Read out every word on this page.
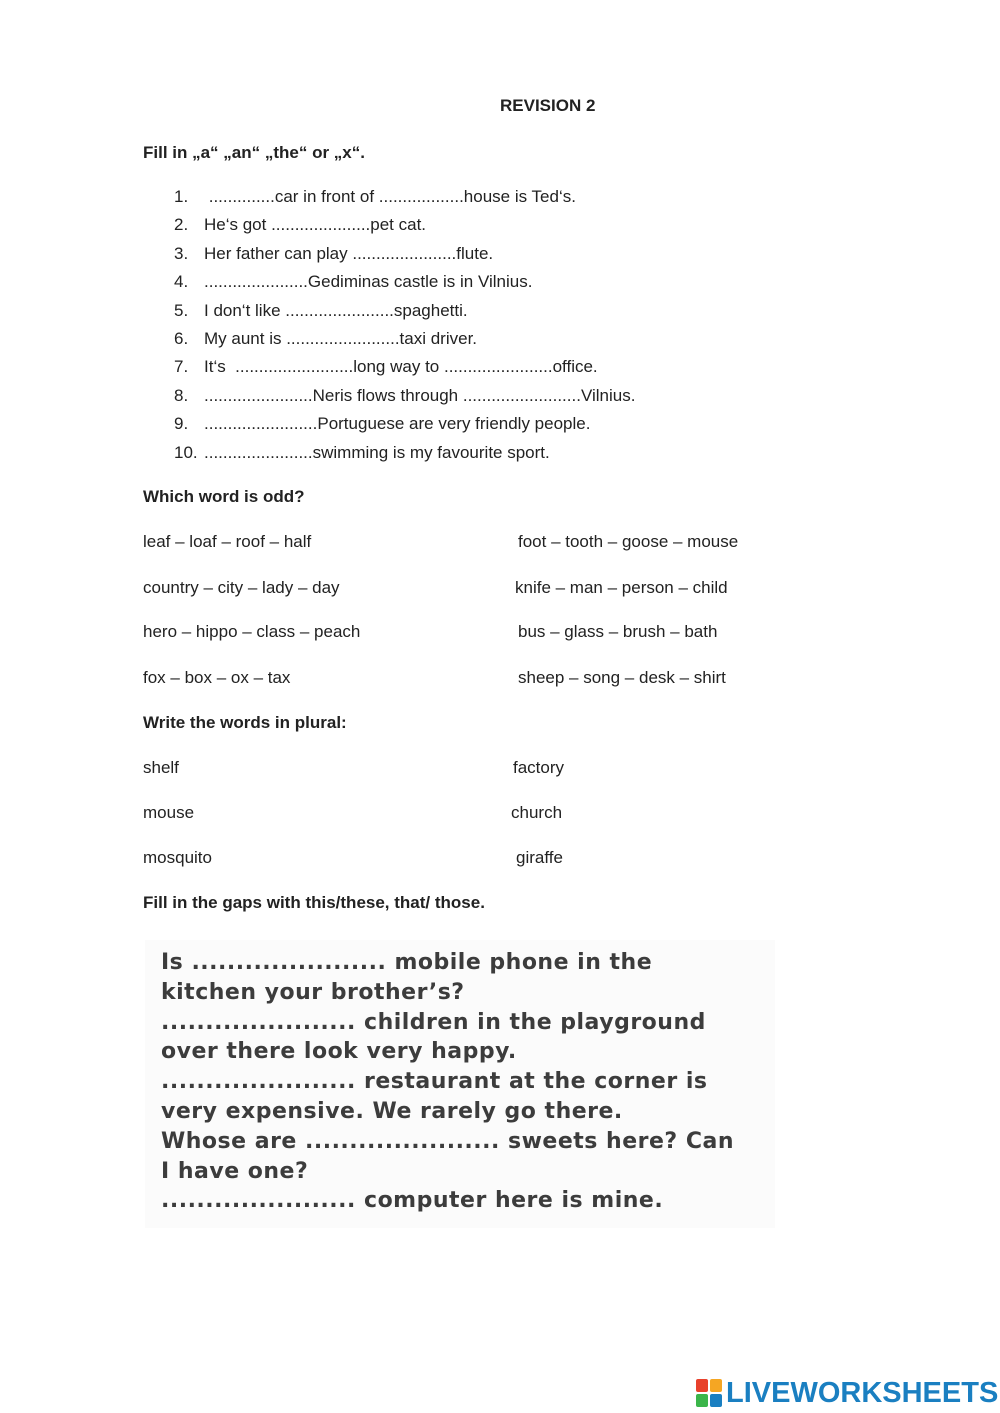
REVISION 2
Fill in „a“ „an“ „the“ or „x“.
1. ..............car in front of ..................house is Ted‘s.
2. He‘s got .....................pet cat.
3. Her father can play ......................flute.
4. ......................Gediminas castle is in Vilnius.
5. I don‘t like .......................spaghetti.
6. My aunt is ........................taxi driver.
7. It‘s  .........................long way to .......................office.
8. .......................Neris flows through .........................Vilnius.
9. ........................Portuguese are very friendly people.
10. .......................swimming is my favourite sport.
Which word is odd?
leaf – loaf – roof – half	foot – tooth – goose – mouse
country – city – lady – day	knife – man – person – child
hero – hippo – class – peach	bus – glass – brush – bath
fox – box – ox – tax	sheep – song – desk – shirt
Write the words in plural:
shelf	factory
mouse	church
mosquito	giraffe
Fill in the gaps with this/these, that/ those.
Is ...................... mobile phone in the
kitchen your brother’s?
...................... children in the playground
over there look very happy.
...................... restaurant at the corner is
very expensive. We rarely go there.
Whose are ...................... sweets here? Can
I have one?
...................... computer here is mine.
LIVEWORKSHEETS
